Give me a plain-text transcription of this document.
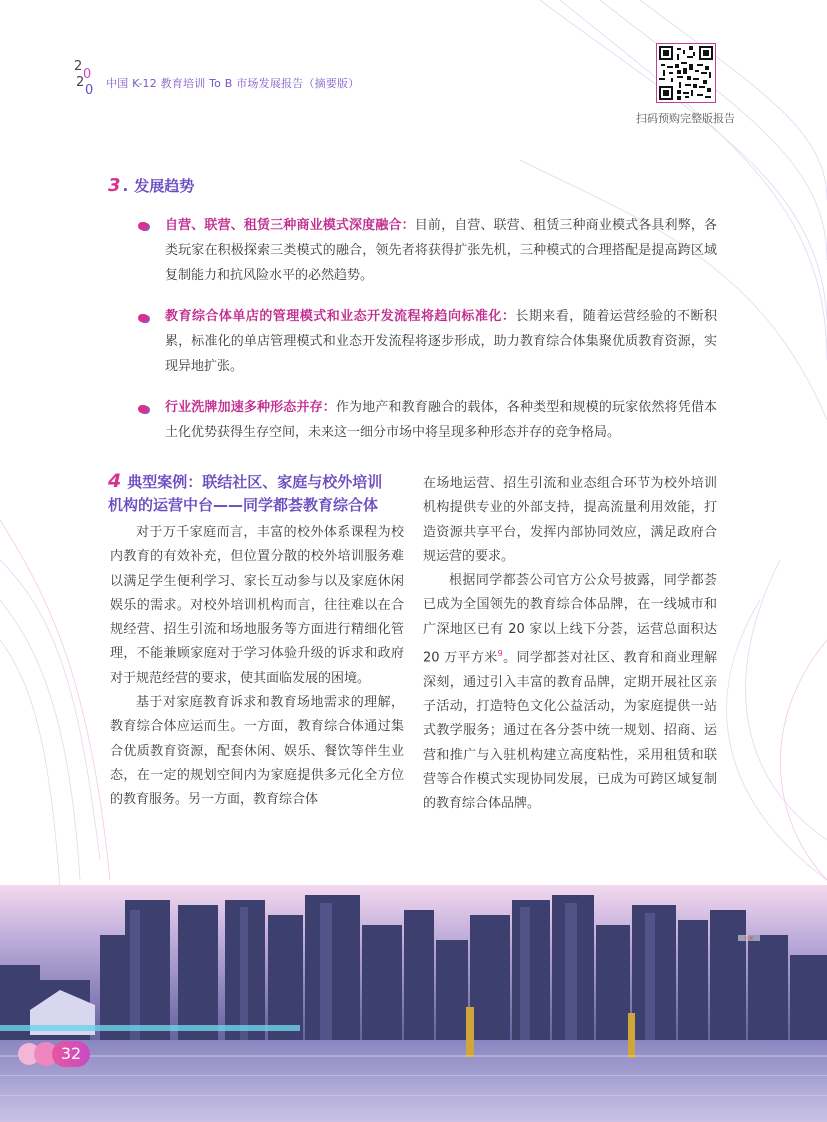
2
0
2
0 中国 K-12 教育培训 To B 市场发展报告（摘要版）
扫码预购完整版报告
3 . 发展趋势
自营、联营、租赁三种商业模式深度融合：目前，自营、联营、租赁三种商业模式各具利弊，各类玩家在积极探索三类模式的融合，领先者将获得扩张先机，三种模式的合理搭配是提高跨区域复制能力和抗风险水平的必然趋势。
教育综合体单店的管理模式和业态开发流程将趋向标准化：长期来看，随着运营经验的不断积累，标准化的单店管理模式和业态开发流程将逐步形成，助力教育综合体集聚优质教育资源，实现异地扩张。
行业洗牌加速多种形态并存：作为地产和教育融合的载体，各种类型和规模的玩家依然将凭借本土化优势获得生存空间，未来这一细分市场中将呈现多种形态并存的竞争格局。
4 典型案例：联结社区、家庭与校外培训
机构的运营中台——同学都荟教育综合体

对于万千家庭而言，丰富的校外体系课程为校内教育的有效补充，但位置分散的校外培训服务难以满足学生便利学习、家长互动参与以及家庭休闲娱乐的需求。对校外培训机构而言，往往难以在合规经营、招生引流和场地服务等方面进行精细化管理，不能兼顾家庭对于学习体验升级的诉求和政府对于规范经营的要求，使其面临发展的困境。

基于对家庭教育诉求和教育场地需求的理解，教育综合体应运而生。一方面，教育综合体通过集合优质教育资源，配套休闲、娱乐、餐饮等伴生业态，在一定的规划空间内为家庭提供多元化全方位的教育服务。另一方面，教育综合体

在场地运营、招生引流和业态组合环节为校外培训机构提供专业的外部支持，提高流量利用效能，打造资源共享平台，发挥内部协同效应，满足政府合规运营的要求。

根据同学都荟公司官方公众号披露，同学都荟已成为全国领先的教育综合体品牌，在一线城市和广深地区已有 20 家以上线下分荟，运营总面积达 20 万平方米$^9$。同学都荟对社区、教育和商业理解深刻，通过引入丰富的教育品牌，定期开展社区亲子活动，打造特色文化公益活动，为家庭提供一站式教学服务；通过在各分荟中统一规划、招商、运营和推广与入驻机构建立高度粘性，采用租赁和联营等合作模式实现协同发展，已成为可跨区域复制的教育综合体品牌。

莲花
32
